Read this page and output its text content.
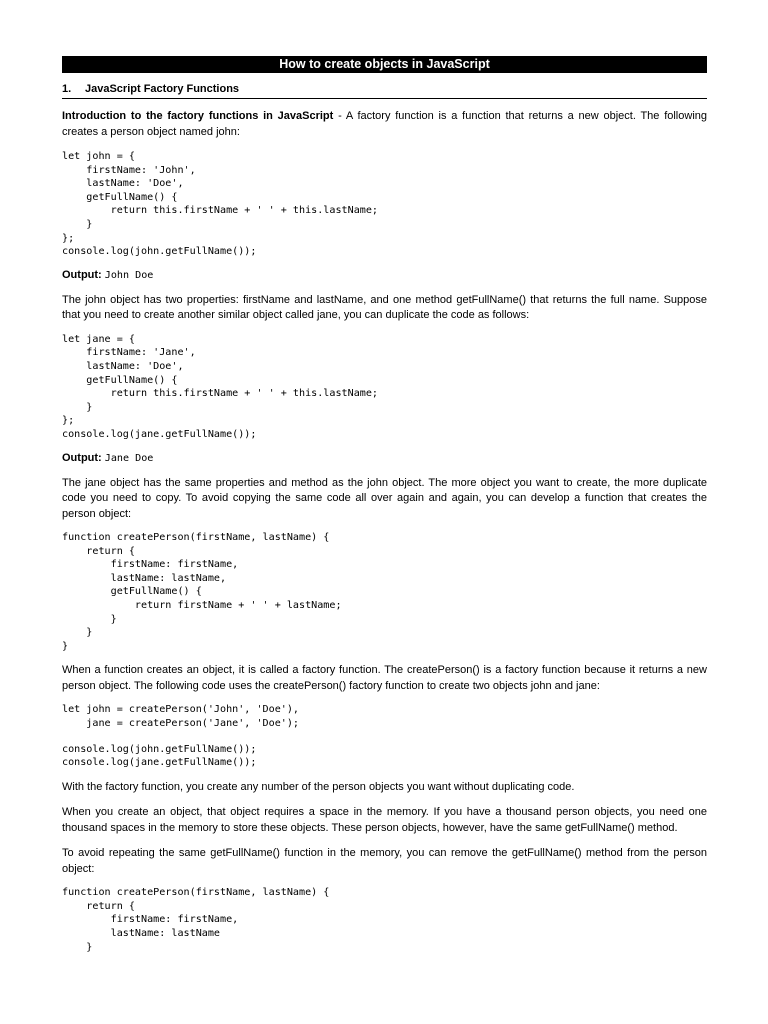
How to create objects in JavaScript
1.	JavaScript Factory Functions

Introduction to the factory functions in JavaScript - A factory function is a function that returns a new object. The following creates a person object named john:

let john = {
firstName: 'John',
lastName: 'Doe',
getFullName() {
return this.firstName + ' ' + this.lastName;
}
};
console.log(john.getFullName());

Output: John Doe

The john object has two properties: firstName and lastName, and one method getFullName() that returns the full name. Suppose that you need to create another similar object called jane, you can duplicate the code as follows:

let jane = {
firstName: 'Jane',
lastName: 'Doe',
getFullName() {
return this.firstName + ' ' + this.lastName;
}
};
console.log(jane.getFullName());

Output: Jane Doe

The jane object has the same properties and method as the john object. The more object you want to create, the more duplicate code you need to copy. To avoid copying the same code all over again and again, you can develop a function that creates the person object:

function createPerson(firstName, lastName) {
return {
firstName: firstName,
lastName: lastName,
getFullName() {
return firstName + ' ' + lastName;
}
}
}

When a function creates an object, it is called a factory function. The createPerson() is a factory function because it returns a new person object. The following code uses the createPerson() factory function to create two objects john and jane:

let john = createPerson('John', 'Doe'),
jane = createPerson('Jane', 'Doe');
console.log(john.getFullName());
console.log(jane.getFullName());

With the factory function, you create any number of the person objects you want without duplicating code.

When you create an object, that object requires a space in the memory. If you have a thousand person objects, you need one thousand spaces in the memory to store these objects. These person objects, however, have the same getFullName() method.

To avoid repeating the same getFullName() function in the memory, you can remove the getFullName() method from the person object:

function createPerson(firstName, lastName) {
return {
firstName: firstName,
lastName: lastName
}
